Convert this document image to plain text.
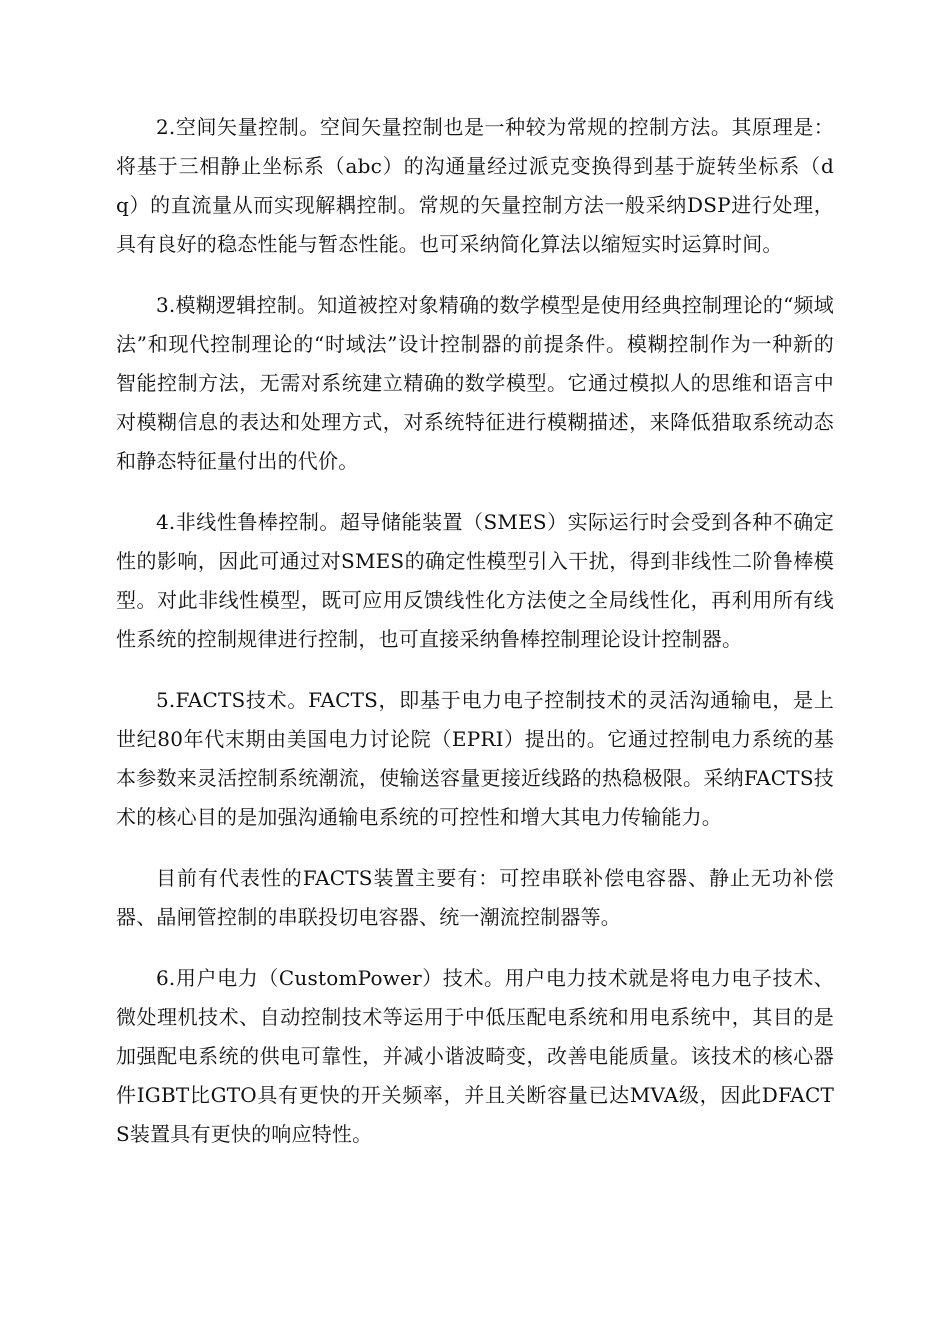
2.空间矢量控制。空间矢量控制也是一种较为常规的控制方法。其原理是：将基于三相静止坐标系（abc）的沟通量经过派克变换得到基于旋转坐标系（dq）的直流量从而实现解耦控制。常规的矢量控制方法一般采纳DSP进行处理，具有良好的稳态性能与暂态性能。也可采纳简化算法以缩短实时运算时间。

3.模糊逻辑控制。知道被控对象精确的数学模型是使用经典控制理论的“频域法”和现代控制理论的“时域法”设计控制器的前提条件。模糊控制作为一种新的智能控制方法，无需对系统建立精确的数学模型。它通过模拟人的思维和语言中对模糊信息的表达和处理方式，对系统特征进行模糊描述，来降低猎取系统动态和静态特征量付出的代价。

4.非线性鲁棒控制。超导储能装置（SMES）实际运行时会受到各种不确定性的影响，因此可通过对SMES的确定性模型引入干扰，得到非线性二阶鲁棒模型。对此非线性模型，既可应用反馈线性化方法使之全局线性化，再利用所有线性系统的控制规律进行控制，也可直接采纳鲁棒控制理论设计控制器。

5.FACTS技术。FACTS，即基于电力电子控制技术的灵活沟通输电，是上世纪80年代末期由美国电力讨论院（EPRI）提出的。它通过控制电力系统的基本参数来灵活控制系统潮流，使输送容量更接近线路的热稳极限。采纳FACTS技术的核心目的是加强沟通输电系统的可控性和增大其电力传输能力。

目前有代表性的FACTS装置主要有：可控串联补偿电容器、静止无功补偿器、晶闸管控制的串联投切电容器、统一潮流控制器等。

6.用户电力（CustomPower）技术。用户电力技术就是将电力电子技术、微处理机技术、自动控制技术等运用于中低压配电系统和用电系统中，其目的是加强配电系统的供电可靠性，并减小谐波畸变，改善电能质量。该技术的核心器件IGBT比GTO具有更快的开关频率，并且关断容量已达MVA级，因此DFACTS装置具有更快的响应特性。
